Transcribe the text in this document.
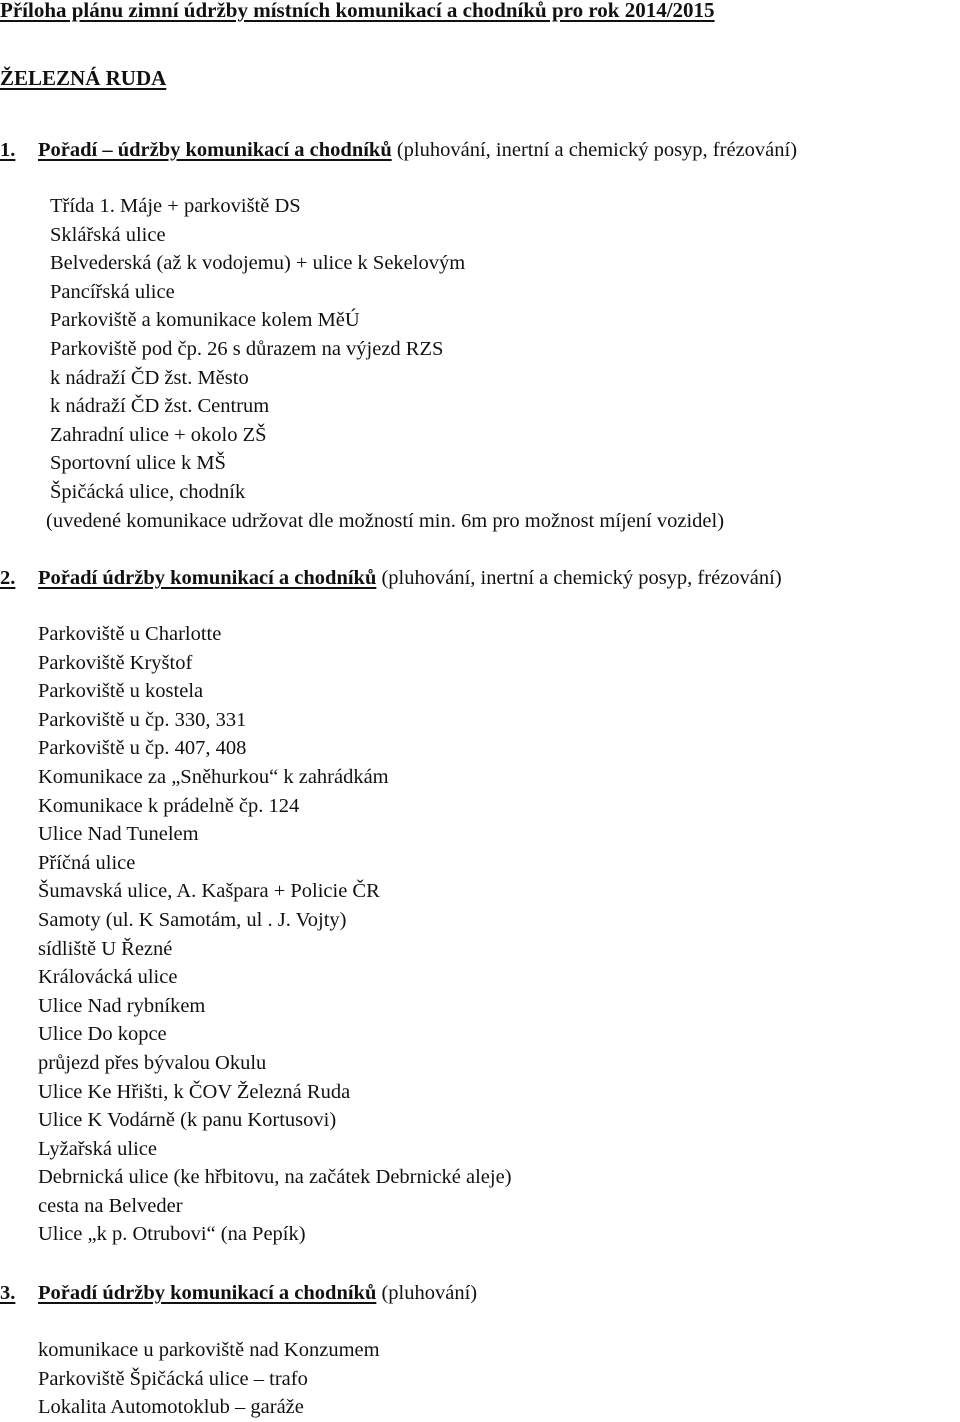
Příloha plánu zimní údržby místních komunikací a chodníků pro rok 2014/2015

ŽELEZNÁ RUDA

1. Pořadí – údržby komunikací a chodníků (pluhování, inertní a chemický posyp, frézování)

Třída 1. Máje + parkoviště DS
Sklářská ulice
Belvederská (až k vodojemu) + ulice k Sekelovým
Pancířská ulice
Parkoviště a komunikace kolem MěÚ
Parkoviště pod čp. 26 s důrazem na výjezd RZS
k nádraží ČD žst. Město
k nádraží ČD žst. Centrum
Zahradní ulice + okolo ZŠ
Sportovní ulice k MŠ
Špičácká ulice, chodník

(uvedené komunikace udržovat dle možností min. 6m pro možnost míjení vozidel)

2. Pořadí údržby komunikací a chodníků (pluhování, inertní a chemický posyp, frézování)

Parkoviště u Charlotte
Parkoviště Kryštof
Parkoviště u kostela
Parkoviště u čp. 330, 331
Parkoviště u čp. 407, 408
Komunikace za „Sněhurkou“ k zahrádkám
Komunikace k prádelně čp. 124
Ulice Nad Tunelem
Příčná ulice
Šumavská ulice, A. Kašpara + Policie ČR
Samoty (ul. K Samotám, ul . J. Vojty)
sídliště U Řezné
Královácká ulice
Ulice Nad rybníkem
Ulice Do kopce
průjezd přes bývalou Okulu
Ulice Ke Hřišti, k ČOV Železná Ruda
Ulice K Vodárně (k panu Kortusovi)
Lyžařská ulice
Debrnická ulice (ke hřbitovu, na začátek Debrnické aleje)
cesta na Belveder
Ulice „k p. Otrubovi“ (na Pepík)

3. Pořadí údržby komunikací a chodníků (pluhování)

komunikace u parkoviště nad Konzumem
Parkoviště Špičácká ulice – trafo
Lokalita Automotoklub – garáže
